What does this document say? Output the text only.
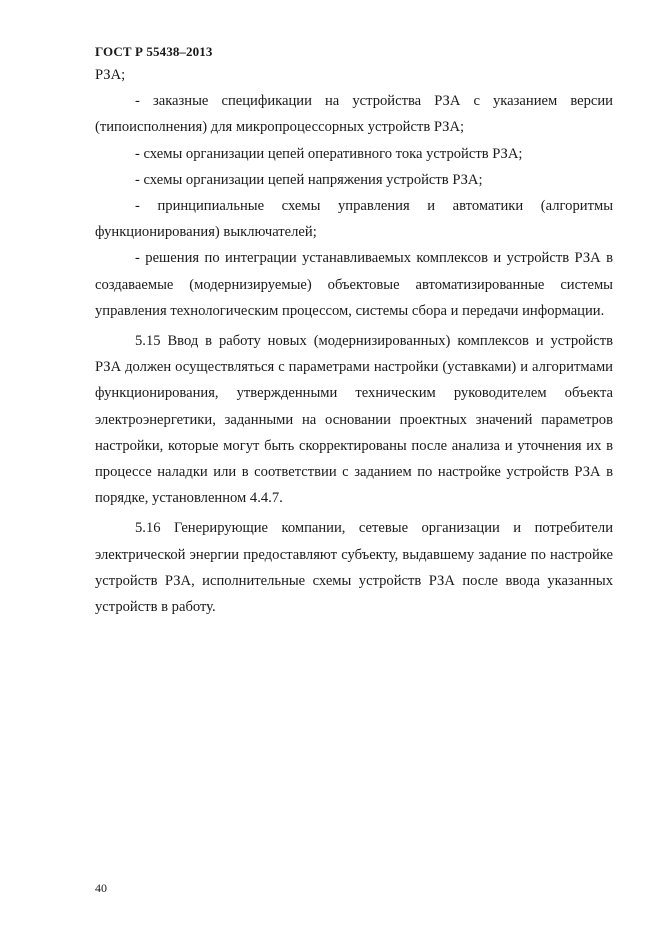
ГОСТ Р 55438–2013

РЗА;

- заказные спецификации на устройства РЗА с указанием версии (типоисполнения) для микропроцессорных устройств РЗА;

- схемы организации цепей оперативного тока устройств РЗА;

- схемы организации цепей напряжения устройств РЗА;

- принципиальные схемы управления и автоматики (алгоритмы функционирования) выключателей;

- решения по интеграции устанавливаемых комплексов и устройств РЗА в создаваемые (модернизируемые) объектовые автоматизированные системы управления технологическим процессом, системы сбора и передачи информации.

5.15 Ввод в работу новых (модернизированных) комплексов и устройств РЗА должен осуществляться с параметрами настройки (уставками) и алгоритмами функционирования, утвержденными техническим руководителем объекта электроэнергетики, заданными на основании проектных значений параметров настройки, которые могут быть скорректированы после анализа и уточнения их в процессе наладки или в соответствии с заданием по настройке устройств РЗА в порядке, установленном 4.4.7.

5.16 Генерирующие компании, сетевые организации и потребители электрической энергии предоставляют субъекту, выдавшему задание по настройке устройств РЗА, исполнительные схемы устройств РЗА после ввода указанных устройств в работу.

40
